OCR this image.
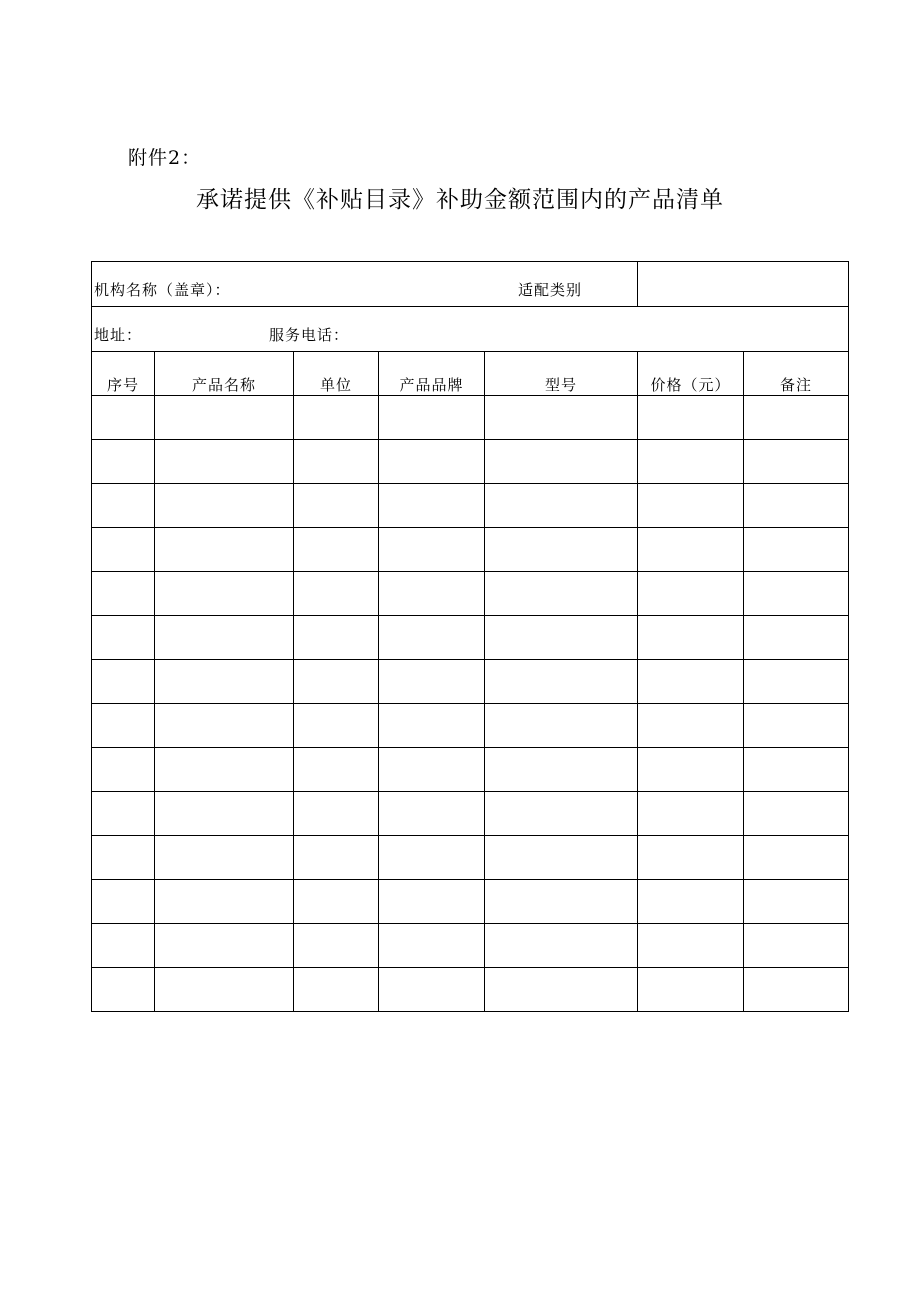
附件2：
承诺提供《补贴目录》补助金额范围内的产品清单
机构名称（盖章）： 适配类别						

地址： 服务电话：						

序号	产品名称	单位	产品品牌	型号	价格（元）	备注
